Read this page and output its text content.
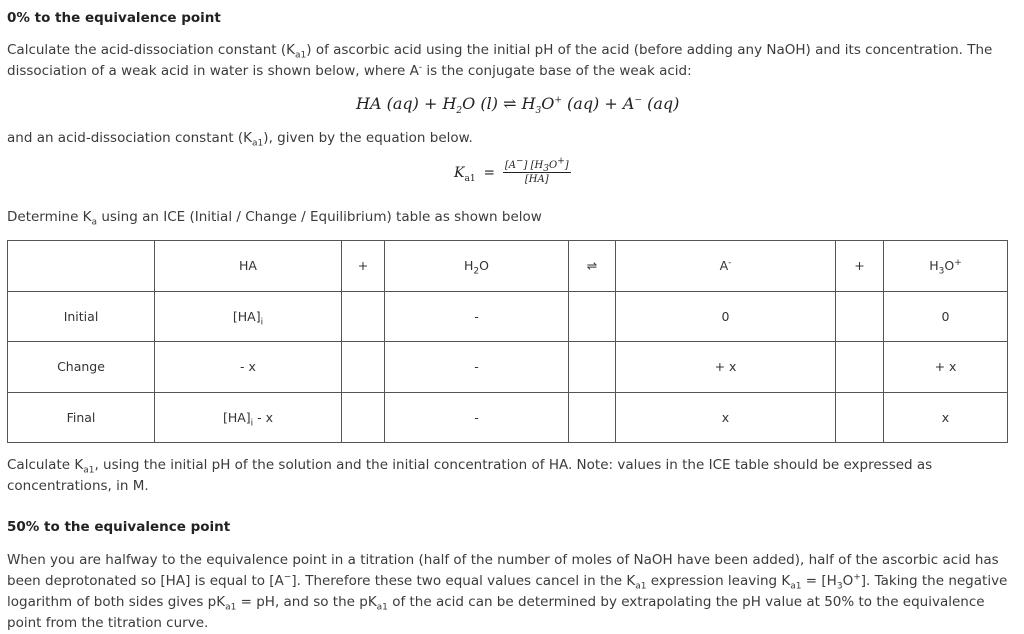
0% to the equivalence point
Calculate the acid-dissociation constant $(K_{a1})$ of ascorbic acid using the initial pH of the acid (before adding any NaOH) and its concentration. The dissociation of a weak acid in water is shown below, where A- is the conjugate base of the weak acid:
HA $(aq) + H_2O$ (l) ⇌ $H_3O^+$ (aq) + A− (aq)
and an acid-dissociation constant $(K_{a1})$, given by the equation below.
$K_{a1} = \frac{[A^-] [H_3O^+]}{[HA]}$
Determine $K_a$ using an ICE (Initial / Change / Equilibrium) table as shown below
	HA	+	$H_2O$	⇌	A-	+	$H_3O^+$
Initial	$[HA]_i$		-		0		0
Change	- x		-		+ x		+ x
Final	$[HA]_i$ - x		-		x		x
Calculate $K_{a1}$, using the initial pH of the solution and the initial concentration of HA. Note: values in the ICE table should be expressed as concentrations, in M.
50% to the equivalence point
When you are halfway to the equivalence point in a titration (half of the number of moles of NaOH have been added), half of the ascorbic acid has been deprotonated so [HA] is equal to [A−]. Therefore these two equal values cancel in the $K_{a1}$ expression leaving $K_{a1} = [H_3O^+]$. Taking the negative logarithm of both sides gives $pK_{a1}$ = pH, and so the $pK_{a1}$ of the acid can be determined by extrapolating the pH value at 50% to the equivalence point from the titration curve.
